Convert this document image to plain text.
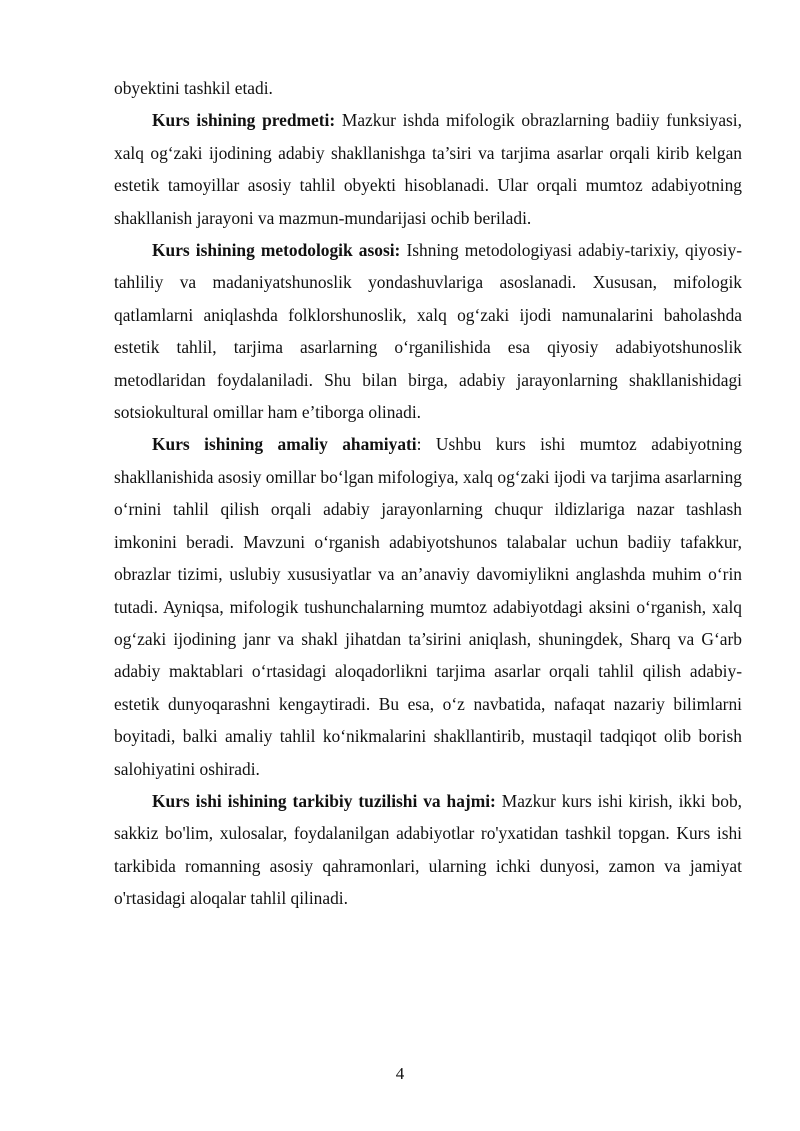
obyektini tashkil etadi.

Kurs ishining predmeti: Mazkur ishda mifologik obrazlarning badiiy funksiyasi, xalq og‘zaki ijodining adabiy shakllanishga ta’siri va tarjima asarlar orqali kirib kelgan estetik tamoyillar asosiy tahlil obyekti hisoblanadi. Ular orqali mumtoz adabiyotning shakllanish jarayoni va mazmun-mundarijasi ochib beriladi.

Kurs ishining metodologik asosi: Ishning metodologiyasi adabiy-tarixiy, qiyosiy-tahliliy va madaniyatshunoslik yondashuvlariga asoslanadi. Xususan, mifologik qatlamlarni aniqlashda folklorshunoslik, xalq og‘zaki ijodi namunalarini baholashda estetik tahlil, tarjima asarlarning o‘rganilishida esa qiyosiy adabiyotshunoslik metodlaridan foydalaniladi. Shu bilan birga, adabiy jarayonlarning shakllanishidagi sotsiokultural omillar ham e’tiborga olinadi.

Kurs ishining amaliy ahamiyati: Ushbu kurs ishi mumtoz adabiyotning shakllanishida asosiy omillar bo‘lgan mifologiya, xalq og‘zaki ijodi va tarjima asarlarning o‘rnini tahlil qilish orqali adabiy jarayonlarning chuqur ildizlariga nazar tashlash imkonini beradi. Mavzuni o‘rganish adabiyotshunos talabalar uchun badiiy tafakkur, obrazlar tizimi, uslubiy xususiyatlar va an’anaviy davomiylikni anglashda muhim o‘rin tutadi. Ayniqsa, mifologik tushunchalarning mumtoz adabiyotdagi aksini o‘rganish, xalq og‘zaki ijodining janr va shakl jihatdan ta’sirini aniqlash, shuningdek, Sharq va G‘arb adabiy maktablari o‘rtasidagi aloqadorlikni tarjima asarlar orqali tahlil qilish adabiy-estetik dunyoqarashni kengaytiradi. Bu esa, o‘z navbatida, nafaqat nazariy bilimlarni boyitadi, balki amaliy tahlil ko‘nikmalarini shakllantirib, mustaqil tadqiqot olib borish salohiyatini oshiradi.

Kurs ishi ishining tarkibiy tuzilishi va hajmi: Mazkur kurs ishi kirish, ikki bob, sakkiz bo'lim, xulosalar, foydalanilgan adabiyotlar ro'yxatidan tashkil topgan. Kurs ishi tarkibida romanning asosiy qahramonlari, ularning ichki dunyosi, zamon va jamiyat o'rtasidagi aloqalar tahlil qilinadi.

4
